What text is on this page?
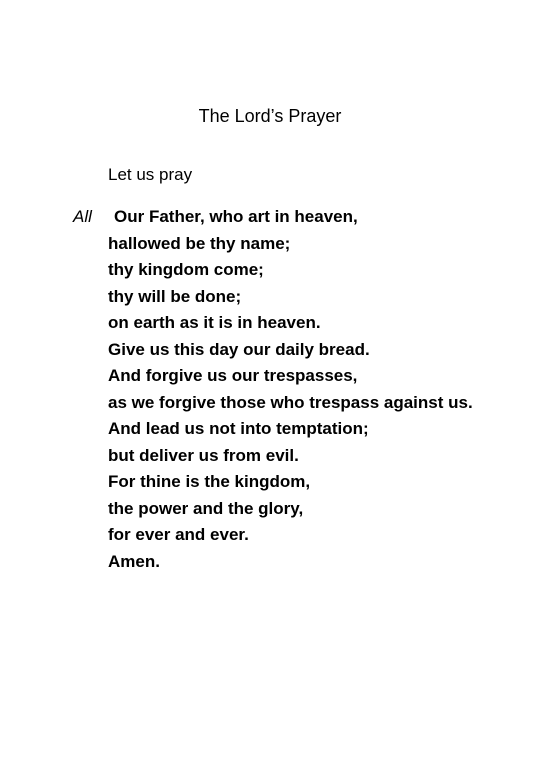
The Lord’s Prayer
Let us pray
All	Our Father, who art in heaven,
hallowed be thy name;
thy kingdom come;
thy will be done;
on earth as it is in heaven.
Give us this day our daily bread.
And forgive us our trespasses,
as we forgive those who trespass against us.
And lead us not into temptation;
but deliver us from evil.
For thine is the kingdom,
the power and the glory,
for ever and ever.
Amen.
